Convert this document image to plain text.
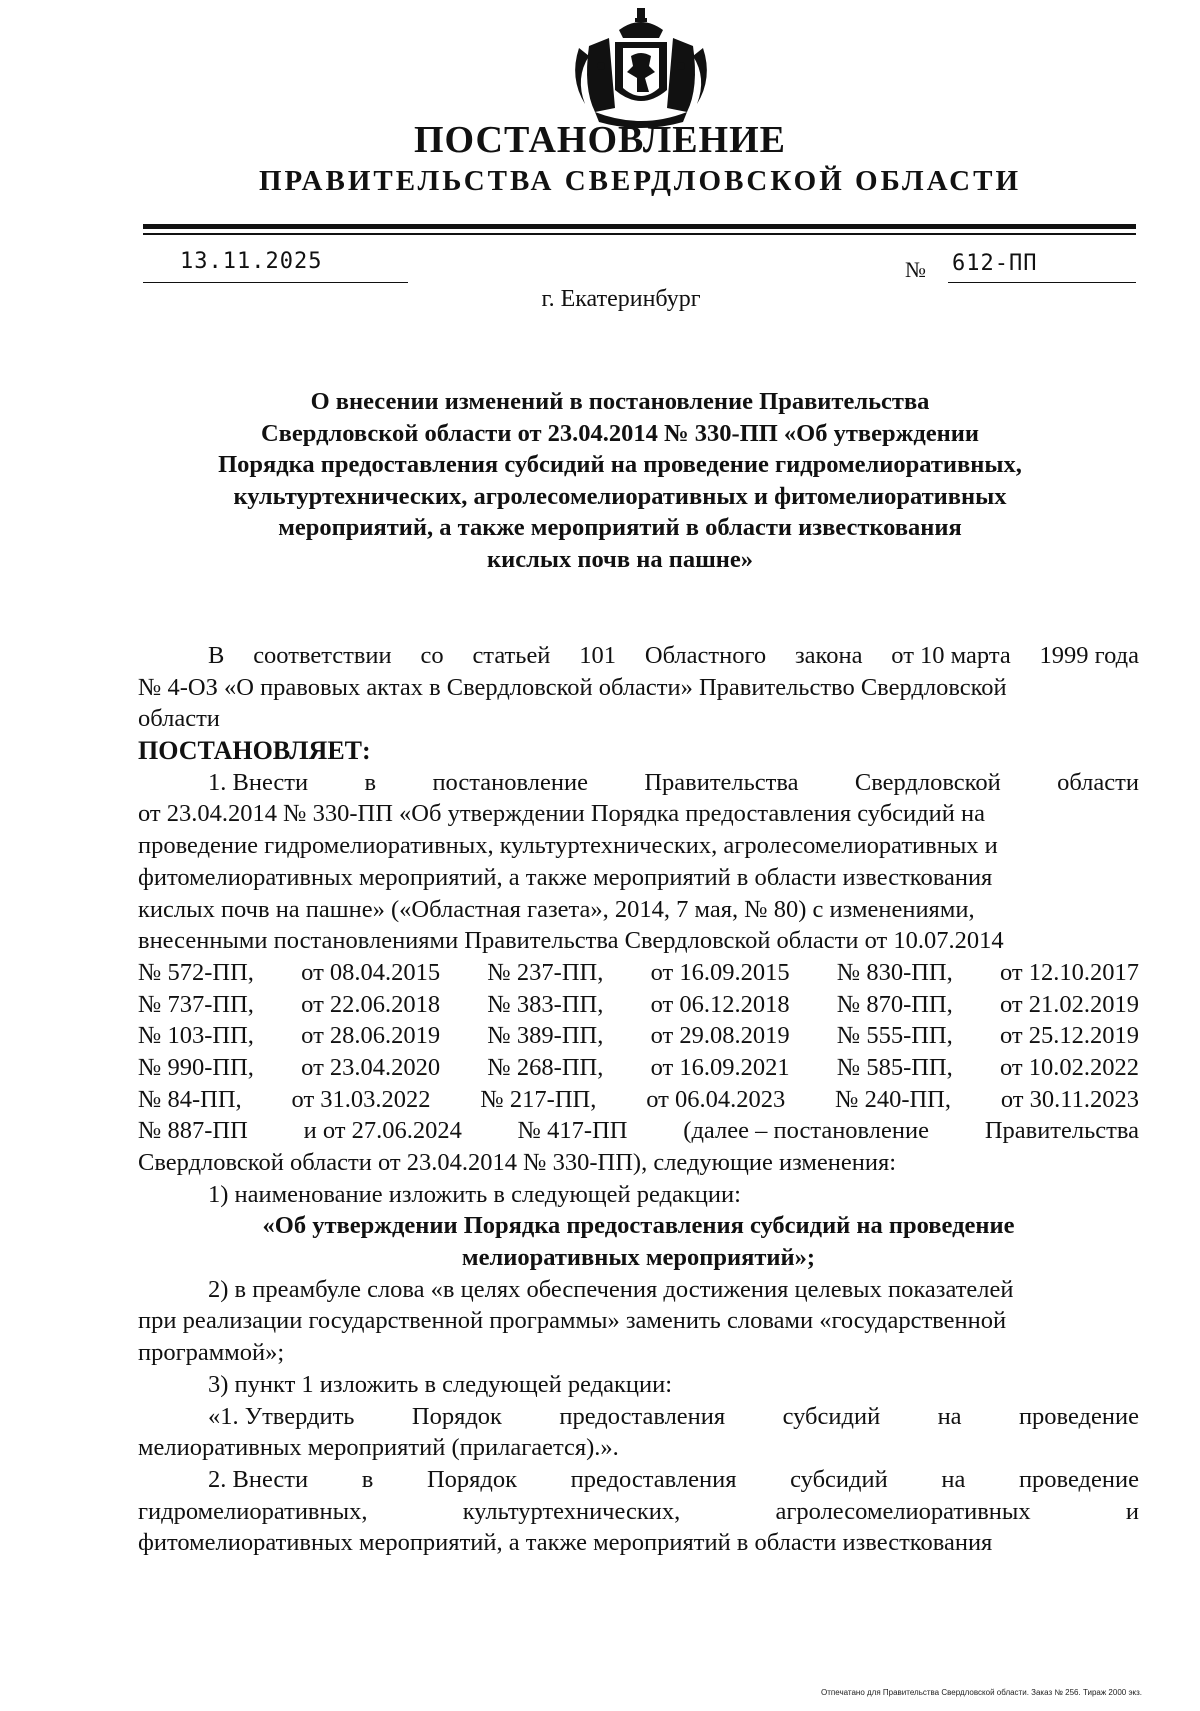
ПОСТАНОВЛЕНИЕ
ПРАВИТЕЛЬСТВА СВЕРДЛОВСКОЙ ОБЛАСТИ
13.11.2025	№ 612-ПП
г. Екатеринбург
О внесении изменений в постановление Правительства
Свердловской области от 23.04.2014 № 330-ПП «Об утверждении
Порядка предоставления субсидий на проведение гидромелиоративных,
культуртехнических, агролесомелиоративных и фитомелиоративных
мероприятий, а также мероприятий в области известкования
кислых почв на пашне»
В соответствии со статьей 101 Областного закона от 10 марта 1999 года
№ 4-ОЗ «О правовых актах в Свердловской области» Правительство Свердловской
области
ПОСТАНОВЛЯЕТ:
1. Внести в постановление Правительства Свердловской области
от 23.04.2014 № 330-ПП «Об утверждении Порядка предоставления субсидий на
проведение гидромелиоративных, культуртехнических, агролесомелиоративных и
фитомелиоративных мероприятий, а также мероприятий в области известкования
кислых почв на пашне» («Областная газета», 2014, 7 мая, № 80) с изменениями,
внесенными постановлениями Правительства Свердловской области от 10.07.2014
№ 572-ПП, от 08.04.2015 № 237-ПП, от 16.09.2015 № 830-ПП, от 12.10.2017
№ 737-ПП, от 22.06.2018 № 383-ПП, от 06.12.2018 № 870-ПП, от 21.02.2019
№ 103-ПП, от 28.06.2019 № 389-ПП, от 29.08.2019 № 555-ПП, от 25.12.2019
№ 990-ПП, от 23.04.2020 № 268-ПП, от 16.09.2021 № 585-ПП, от 10.02.2022
№ 84-ПП, от 31.03.2022 № 217-ПП, от 06.04.2023 № 240-ПП, от 30.11.2023
№ 887-ПП и от 27.06.2024 № 417-ПП (далее – постановление Правительства
Свердловской области от 23.04.2014 № 330-ПП), следующие изменения:
1) наименование изложить в следующей редакции:
«Об утверждении Порядка предоставления субсидий на проведение
мелиоративных мероприятий»;
2) в преамбуле слова «в целях обеспечения достижения целевых показателей
при реализации государственной программы» заменить словами «государственной
программой»;
3) пункт 1 изложить в следующей редакции:
«1. Утвердить Порядок предоставления субсидий на проведение
мелиоративных мероприятий (прилагается).».
2. Внести в Порядок предоставления субсидий на проведение
гидромелиоративных,	культуртехнических,	агролесомелиоративных	и
фитомелиоративных мероприятий, а также мероприятий в области известкования
Отпечатано для Правительства Свердловской области. Заказ № 256. Тираж 2000 экз.
